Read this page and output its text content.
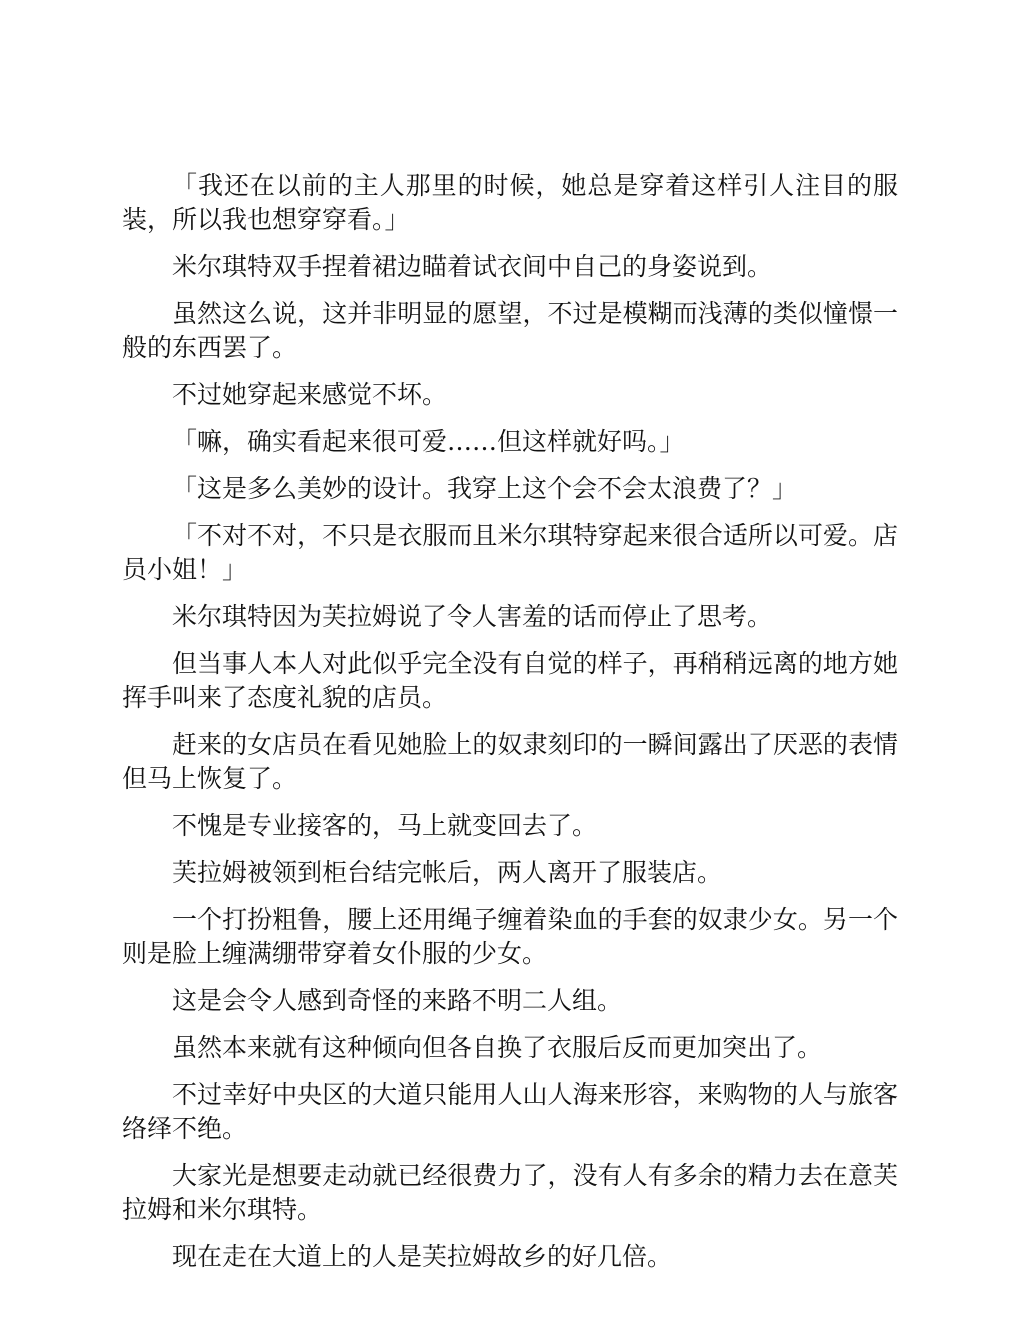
「我还在以前的主人那里的时候，她总是穿着这样引人注目的服装，所以我也想穿穿看。」

米尔琪特双手捏着裙边瞄着试衣间中自己的身姿说到。

虽然这么说，这并非明显的愿望，不过是模糊而浅薄的类似憧憬一般的东西罢了。

不过她穿起来感觉不坏。

「嘛，确实看起来很可爱……但这样就好吗。」

「这是多么美妙的设计。我穿上这个会不会太浪费了？」

「不对不对，不只是衣服而且米尔琪特穿起来很合适所以可爱。店员小姐！」

米尔琪特因为芙拉姆说了令人害羞的话而停止了思考。

但当事人本人对此似乎完全没有自觉的样子，再稍稍远离的地方她挥手叫来了态度礼貌的店员。

赶来的女店员在看见她脸上的奴隶刻印的一瞬间露出了厌恶的表情但马上恢复了。

不愧是专业接客的，马上就变回去了。

芙拉姆被领到柜台结完帐后，两人离开了服装店。

一个打扮粗鲁，腰上还用绳子缠着染血的手套的奴隶少女。另一个则是脸上缠满绷带穿着女仆服的少女。

这是会令人感到奇怪的来路不明二人组。

虽然本来就有这种倾向但各自换了衣服后反而更加突出了。

不过幸好中央区的大道只能用人山人海来形容，来购物的人与旅客络绎不绝。

大家光是想要走动就已经很费力了，没有人有多余的精力去在意芙拉姆和米尔琪特。

现在走在大道上的人是芙拉姆故乡的好几倍。
